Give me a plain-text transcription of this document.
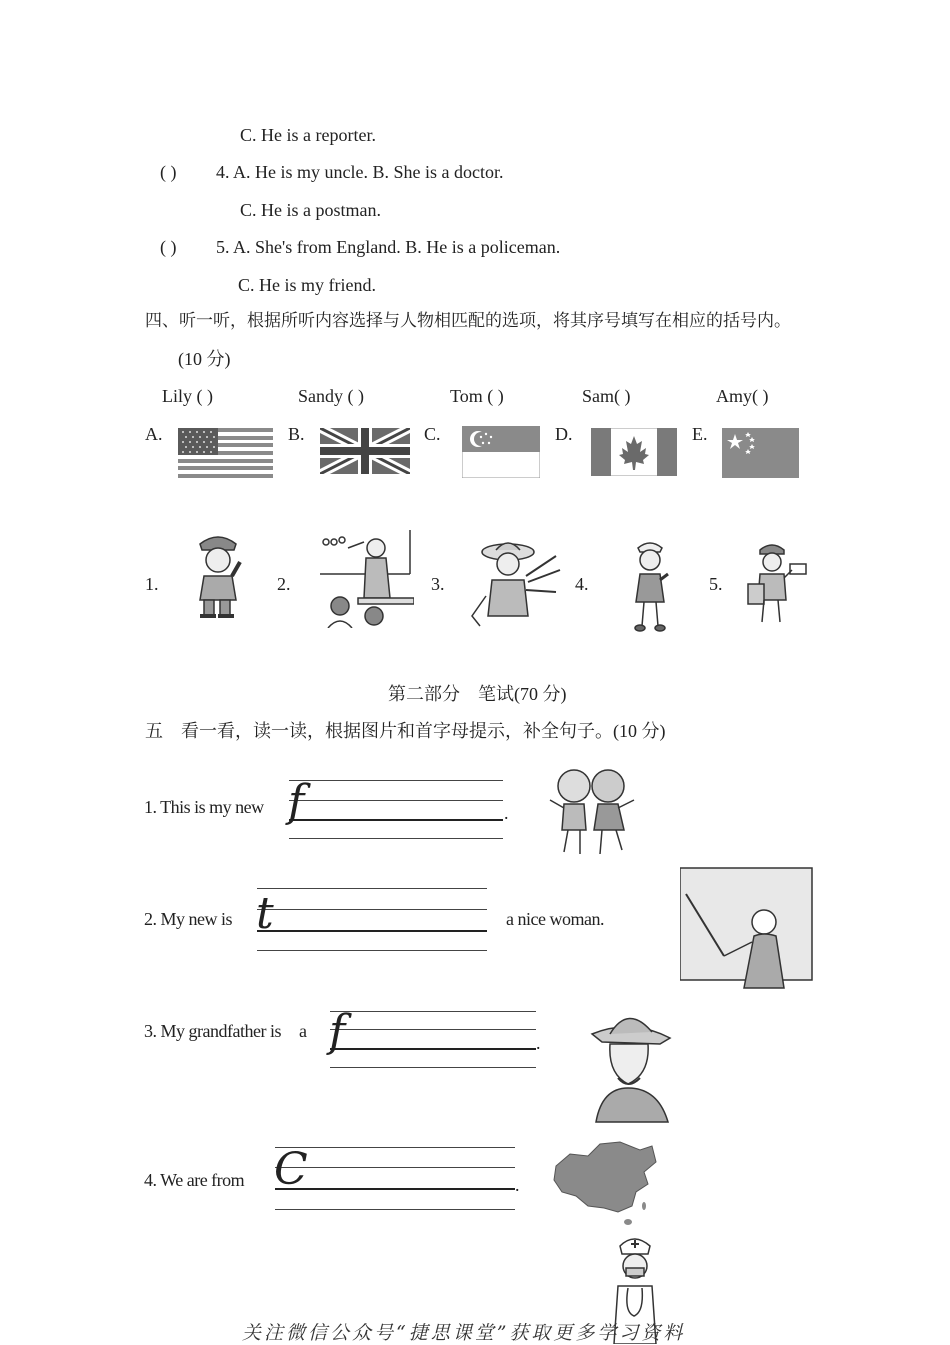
C. He is a reporter.
( ) 4. A. He is my uncle. B. She is a doctor.
C. He is a postman.
( ) 5. A. She's from England. B. He is a policeman.
C. He is my friend.
四、听一听，根据所听内容选择与人物相匹配的选项，将其序号填写在相应的括号内。
(10 分)
Lily ( )	Sandy ( )	Tom ( )	Sam( )	Amy( )
A.	B.	C.	D.	E.
1.	2.	3.	4.	5.
第二部分　笔试(70 分)
五　看一看，读一读，根据图片和首字母提示，补全句子。(10 分)
1. This is my new f	.
2. My new is t	a nice woman.
3. My grandfather is a f	.
4. We are from C	.
关注微信公众号“捷思课堂”获取更多学习资料
